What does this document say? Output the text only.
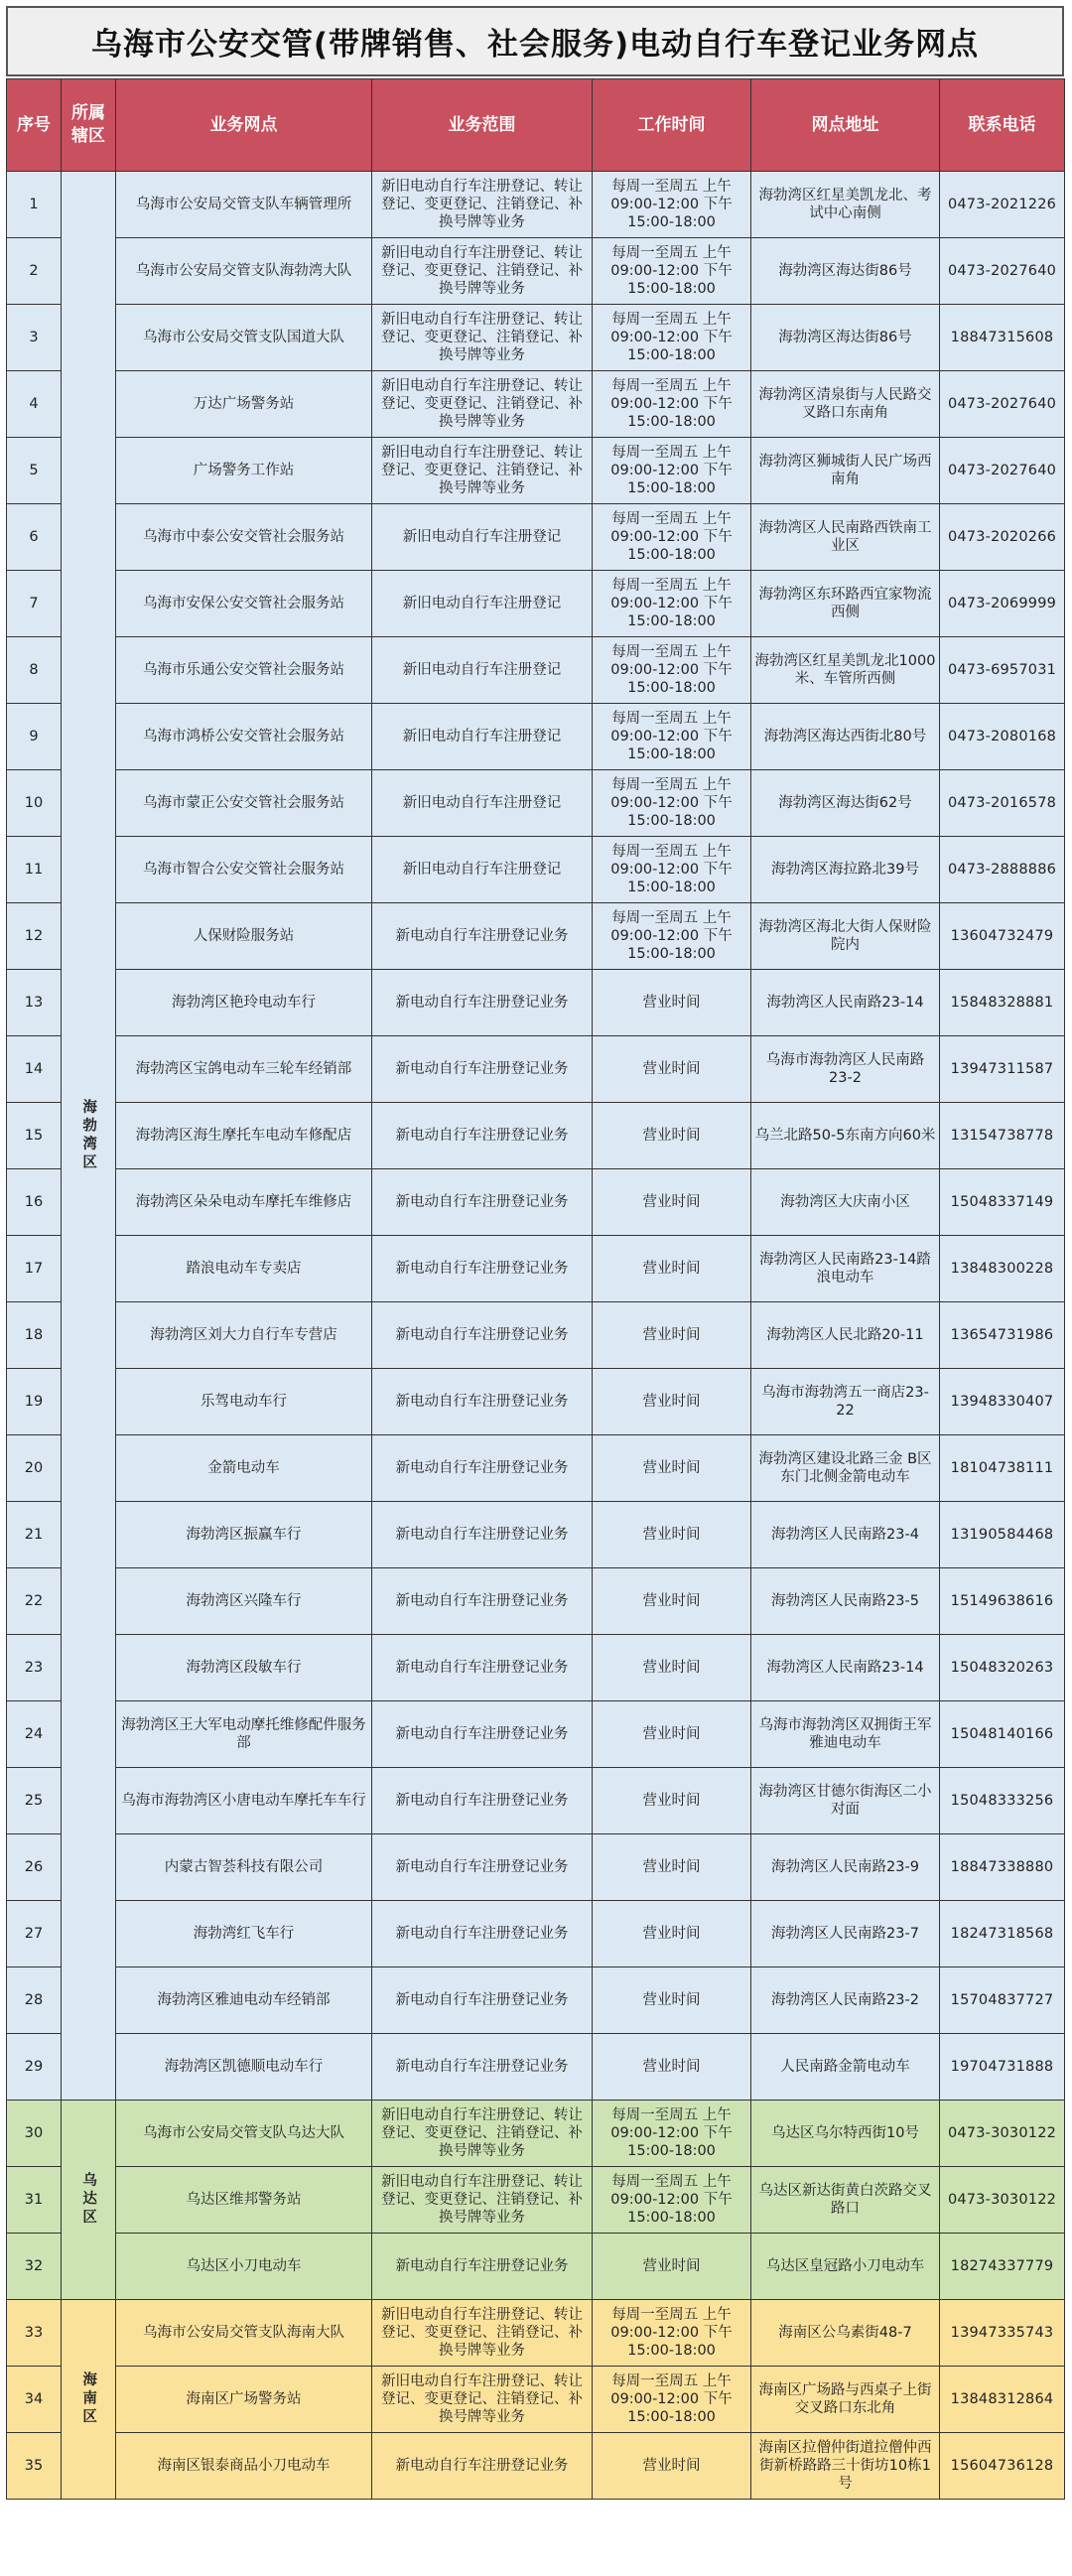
乌海市公安交管(带牌销售、社会服务)电动自行车登记业务网点
序号	所属辖区	业务网点	业务范围	工作时间	网点地址	联系电话
1	海勃湾区	乌海市公安局交管支队车辆管理所	新旧电动自行车注册登记、转让登记、变更登记、注销登记、补换号牌等业务	每周一至周五 上午09:00-12:00 下午15:00-18:00	海勃湾区红星美凯龙北、考试中心南侧	0473-2021226
2		乌海市公安局交管支队海勃湾大队	新旧电动自行车注册登记、转让登记、变更登记、注销登记、补换号牌等业务	每周一至周五 上午09:00-12:00 下午15:00-18:00	海勃湾区海达街86号	0473-2027640
3		乌海市公安局交管支队国道大队	新旧电动自行车注册登记、转让登记、变更登记、注销登记、补换号牌等业务	每周一至周五 上午09:00-12:00 下午15:00-18:00	海勃湾区海达街86号	18847315608
4		万达广场警务站	新旧电动自行车注册登记、转让登记、变更登记、注销登记、补换号牌等业务	每周一至周五 上午09:00-12:00 下午15:00-18:00	海勃湾区清泉街与人民路交叉路口东南角	0473-2027640
5		广场警务工作站	新旧电动自行车注册登记、转让登记、变更登记、注销登记、补换号牌等业务	每周一至周五 上午09:00-12:00 下午15:00-18:00	海勃湾区狮城街人民广场西南角	0473-2027640
6		乌海市中泰公安交管社会服务站	新旧电动自行车注册登记	每周一至周五 上午09:00-12:00 下午15:00-18:00	海勃湾区人民南路西铁南工业区	0473-2020266
7		乌海市安保公安交管社会服务站	新旧电动自行车注册登记	每周一至周五 上午09:00-12:00 下午15:00-18:00	海勃湾区东环路西宜家物流西侧	0473-2069999
8		乌海市乐通公安交管社会服务站	新旧电动自行车注册登记	每周一至周五 上午09:00-12:00 下午15:00-18:00	海勃湾区红星美凯龙北1000米、车管所西侧	0473-6957031
9		乌海市鸿桥公安交管社会服务站	新旧电动自行车注册登记	每周一至周五 上午09:00-12:00 下午15:00-18:00	海勃湾区海达西街北80号	0473-2080168
10		乌海市蒙正公安交管社会服务站	新旧电动自行车注册登记	每周一至周五 上午09:00-12:00 下午15:00-18:00	海勃湾区海达街62号	0473-2016578
11		乌海市智合公安交管社会服务站	新旧电动自行车注册登记	每周一至周五 上午09:00-12:00 下午15:00-18:00	海勃湾区海拉路北39号	0473-2888886
12		人保财险服务站	新电动自行车注册登记业务	每周一至周五 上午09:00-12:00 下午15:00-18:00	海勃湾区海北大街人保财险院内	13604732479
13		海勃湾区艳玲电动车行	新电动自行车注册登记业务	营业时间	海勃湾区人民南路23-14	15848328881
14		海勃湾区宝鸽电动车三轮车经销部	新电动自行车注册登记业务	营业时间	乌海市海勃湾区人民南路23-2	13947311587
15		海勃湾区海生摩托车电动车修配店	新电动自行车注册登记业务	营业时间	乌兰北路50-5东南方向60米	13154738778
16		海勃湾区朵朵电动车摩托车维修店	新电动自行车注册登记业务	营业时间	海勃湾区大庆南小区	15048337149
17		踏浪电动车专卖店	新电动自行车注册登记业务	营业时间	海勃湾区人民南路23-14踏浪电动车	13848300228
18		海勃湾区刘大力自行车专营店	新电动自行车注册登记业务	营业时间	海勃湾区人民北路20-11	13654731986
19		乐驾电动车行	新电动自行车注册登记业务	营业时间	乌海市海勃湾五一商店23-22	13948330407
20		金箭电动车	新电动自行车注册登记业务	营业时间	海勃湾区建设北路三金 B区东门北侧金箭电动车	18104738111
21		海勃湾区振赢车行	新电动自行车注册登记业务	营业时间	海勃湾区人民南路23-4	13190584468
22		海勃湾区兴隆车行	新电动自行车注册登记业务	营业时间	海勃湾区人民南路23-5	15149638616
23		海勃湾区段敏车行	新电动自行车注册登记业务	营业时间	海勃湾区人民南路23-14	15048320263
24		海勃湾区王大军电动摩托维修配件服务部	新电动自行车注册登记业务	营业时间	乌海市海勃湾区双拥街王军雅迪电动车	15048140166
25		乌海市海勃湾区小唐电动车摩托车车行	新电动自行车注册登记业务	营业时间	海勃湾区甘德尔街海区二小对面	15048333256
26		内蒙古智荟科技有限公司	新电动自行车注册登记业务	营业时间	海勃湾区人民南路23-9	18847338880
27		海勃湾红飞车行	新电动自行车注册登记业务	营业时间	海勃湾区人民南路23-7	18247318568
28		海勃湾区雅迪电动车经销部	新电动自行车注册登记业务	营业时间	海勃湾区人民南路23-2	15704837727
29		海勃湾区凯德顺电动车行	新电动自行车注册登记业务	营业时间	人民南路金箭电动车	19704731888
30	乌达区	乌海市公安局交管支队乌达大队	新旧电动自行车注册登记、转让登记、变更登记、注销登记、补换号牌等业务	每周一至周五 上午09:00-12:00 下午15:00-18:00	乌达区乌尔特西街10号	0473-3030122
31		乌达区维邦警务站	新旧电动自行车注册登记、转让登记、变更登记、注销登记、补换号牌等业务	每周一至周五 上午09:00-12:00 下午15:00-18:00	乌达区新达街黄白茨路交叉路口	0473-3030122
32		乌达区小刀电动车	新电动自行车注册登记业务	营业时间	乌达区皇冠路小刀电动车	18274337779
33	海南区	乌海市公安局交管支队海南大队	新旧电动自行车注册登记、转让登记、变更登记、注销登记、补换号牌等业务	每周一至周五 上午09:00-12:00 下午15:00-18:00	海南区公乌素街48-7	13947335743
34		海南区广场警务站	新旧电动自行车注册登记、转让登记、变更登记、注销登记、补换号牌等业务	每周一至周五 上午09:00-12:00 下午15:00-18:00	海南区广场路与西桌子上街交叉路口东北角	13848312864
35		海南区银泰商品小刀电动车	新电动自行车注册登记业务	营业时间	海南区拉僧仲街道拉僧仲西街新桥路路三十街坊10栋1号	15604736128
